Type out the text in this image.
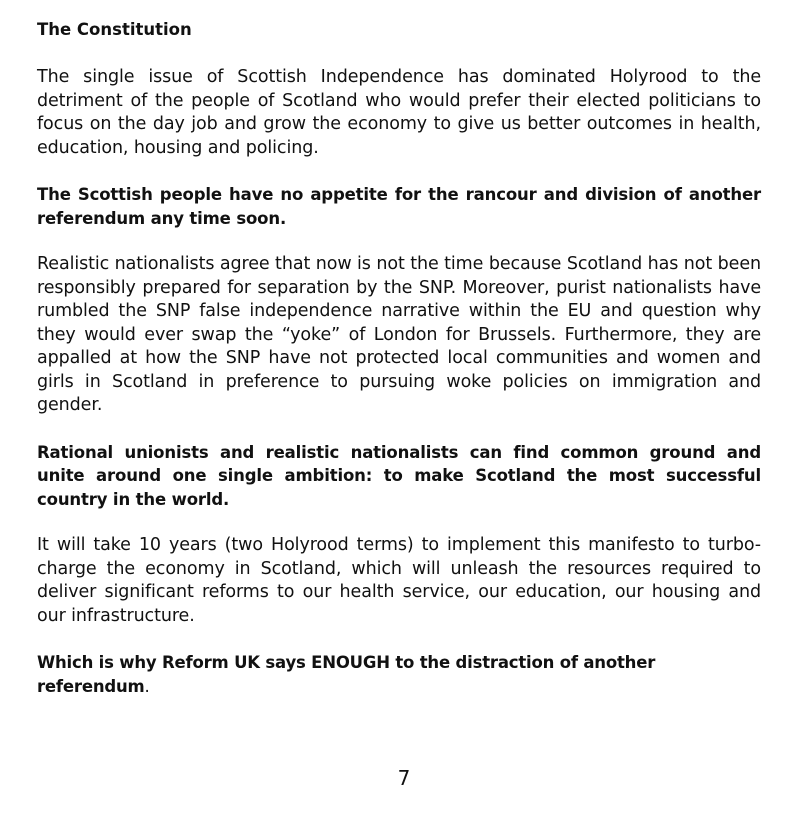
The Constitution

The single issue of Scottish Independence has dominated Holyrood to the detriment of the people of Scotland who would prefer their elected politicians to focus on the day job and grow the economy to give us better outcomes in health, education, housing and policing.

The Scottish people have no appetite for the rancour and division of another referendum any time soon.

Realistic nationalists agree that now is not the time because Scotland has not been responsibly prepared for separation by the SNP. Moreover, purist nationalists have rumbled the SNP false independence narrative within the EU and question why they would ever swap the “yoke” of London for Brussels. Furthermore, they are appalled at how the SNP have not protected local communities and women and girls in Scotland in preference to pursuing woke policies on immigration and gender.

Rational unionists and realistic nationalists can find common ground and unite around one single ambition: to make Scotland the most successful country in the world.

It will take 10 years (two Holyrood terms) to implement this manifesto to turbo-charge the economy in Scotland, which will unleash the resources required to deliver significant reforms to our health service, our education, our housing and our infrastructure.

Which is why Reform UK says ENOUGH to the distraction of another referendum.

7
